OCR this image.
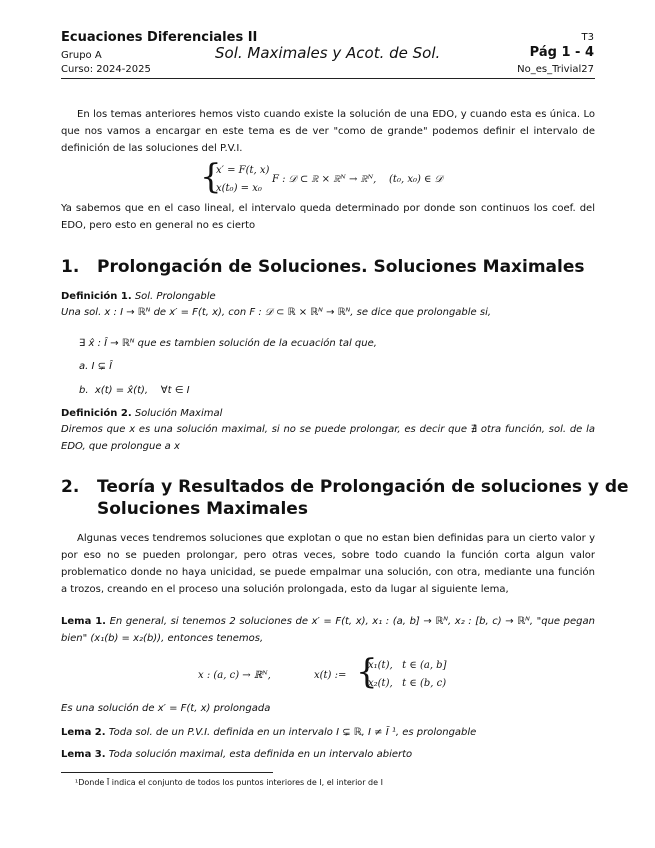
Ecuaciones Diferenciales II
Grupo A
Curso: 2024-2025
Sol. Maximales y Acot. de Sol.
T3
Pág 1 - 4
No_es_Trivial27
En los temas anteriores hemos visto cuando existe la solución de una EDO, y cuando esta es única. Lo que nos vamos a encargar en este tema es de ver "como de grande" podemos definir el intervalo de definición de las soluciones del P.V.I.
{
x′ = F(t, x)
x(t₀) = x₀
F : 𝒟 ⊂ ℝ × ℝᴺ → ℝᴺ,    (t₀, x₀) ∈ 𝒟
Ya sabemos que en el caso lineal, el intervalo queda determinado por donde son continuos los coef. del EDO, pero esto en general no es cierto
1. Prolongación de Soluciones. Soluciones Maximales
Definición 1. Sol. Prolongable
Una sol. x : I → ℝᴺ de x′ = F(t, x), con F : 𝒟 ⊂ ℝ × ℝᴺ → ℝᴺ, se dice que prolongable si,
∃ x̂ : Î → ℝᴺ que es tambien solución de la ecuación tal que,
a. I ⊊ Î
b.  x(t) = x̂(t),    ∀t ∈ I
Definición 2. Solución Maximal
Diremos que x es una solución maximal, si no se puede prolongar, es decir que ∄ otra función, sol. de la EDO, que prolongue a x
2. Teoría y Resultados de Prolongación de soluciones y de
Soluciones Maximales
Algunas veces tendremos soluciones que explotan o que no estan bien definidas para un cierto valor y por eso no se pueden prolongar, pero otras veces, sobre todo cuando la función corta algun valor problematico donde no haya unicidad, se puede empalmar una solución, con otra, mediante una función a trozos, creando en el proceso una solución prolongada, esto da lugar al siguiente lema,
Lema 1. En general, si tenemos 2 soluciones de x′ = F(t, x), x₁ : (a, b] → ℝᴺ, x₂ : [b, c) → ℝᴺ, "que pegan bien" (x₁(b) = x₂(b)), entonces tenemos,
x : (a, c) → ℝᴺ,	x(t) := {
x₁(t),   t ∈ (a, b]
x₂(t),   t ∈ (b, c)
Es una solución de x′ = F(t, x) prolongada
Lema 2. Toda sol. de un P.V.I. definida en un intervalo I ⊊ ℝ, I ≠ Ī ¹, es prolongable
Lema 3. Toda solución maximal, esta definida en un intervalo abierto
¹Donde Ī indica el conjunto de todos los puntos interiores de I, el interior de I
